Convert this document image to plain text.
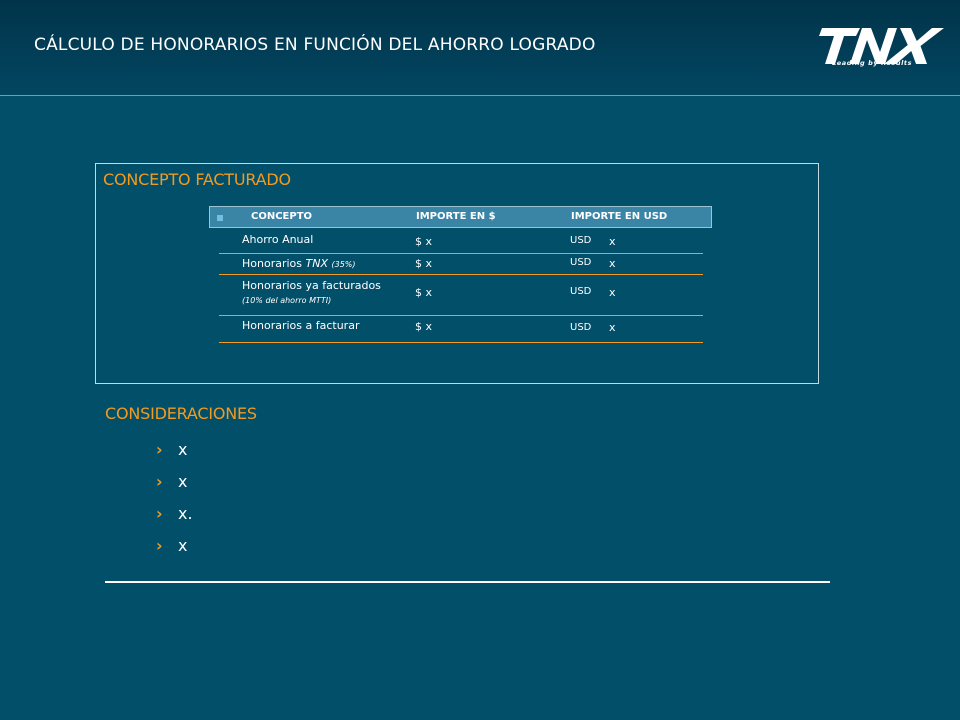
CÁLCULO DE HONORARIOS EN FUNCIÓN DEL AHORRO LOGRADO
Leading by Results
CONCEPTO FACTURADO
CONCEPTO	IMPORTE EN $	IMPORTE EN USD
Ahorro Anual	$ x	USD x
Honorarios TNX (35%)	$ x	USD x
Honorarios ya facturados
(10% del ahorro MTTI)
$ x	USD x
Honorarios a facturar	$ x	USD x
CONSIDERACIONES
› x
› x
› x.
› x
